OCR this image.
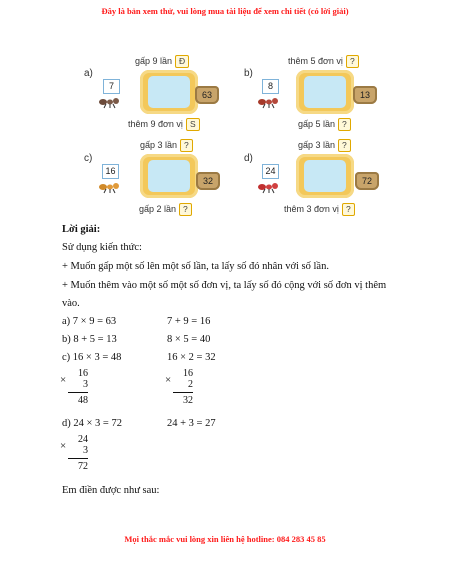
Đây là bản xem thử, vui lòng mua tài liệu để xem chi tiết (có lời giải)
a)
gấp 9 lần Đ
7
63
thêm 9 đơn vị S
b)
thêm 5 đơn vị ?
8
13
gấp 5 lần ?
c)
gấp 3 lần ?
16
32
gấp 2 lần ?
d)
gấp 3 lần ?
24
72
thêm 3 đơn vị ?
Lời giải:
Sử dụng kiến thức:
+ Muốn gấp một số lên một số lần, ta lấy số đó nhân với số lần.
+ Muốn thêm vào một số một số đơn vị, ta lấy số đó cộng với số đơn vị thêm
vào.
a) 7 × 9 = 63	7 + 9 = 16
b) 8 + 5 = 13	8 × 5 = 40
c) 16 × 3 = 48	16 × 2 = 32
16
×	3
48
16
×	2
32
d) 24 × 3 = 72	24 + 3 = 27
24
×	3
72
Em điền được như sau:
Mọi thắc mắc vui lòng xin liên hệ hotline: 084 283 45 85
